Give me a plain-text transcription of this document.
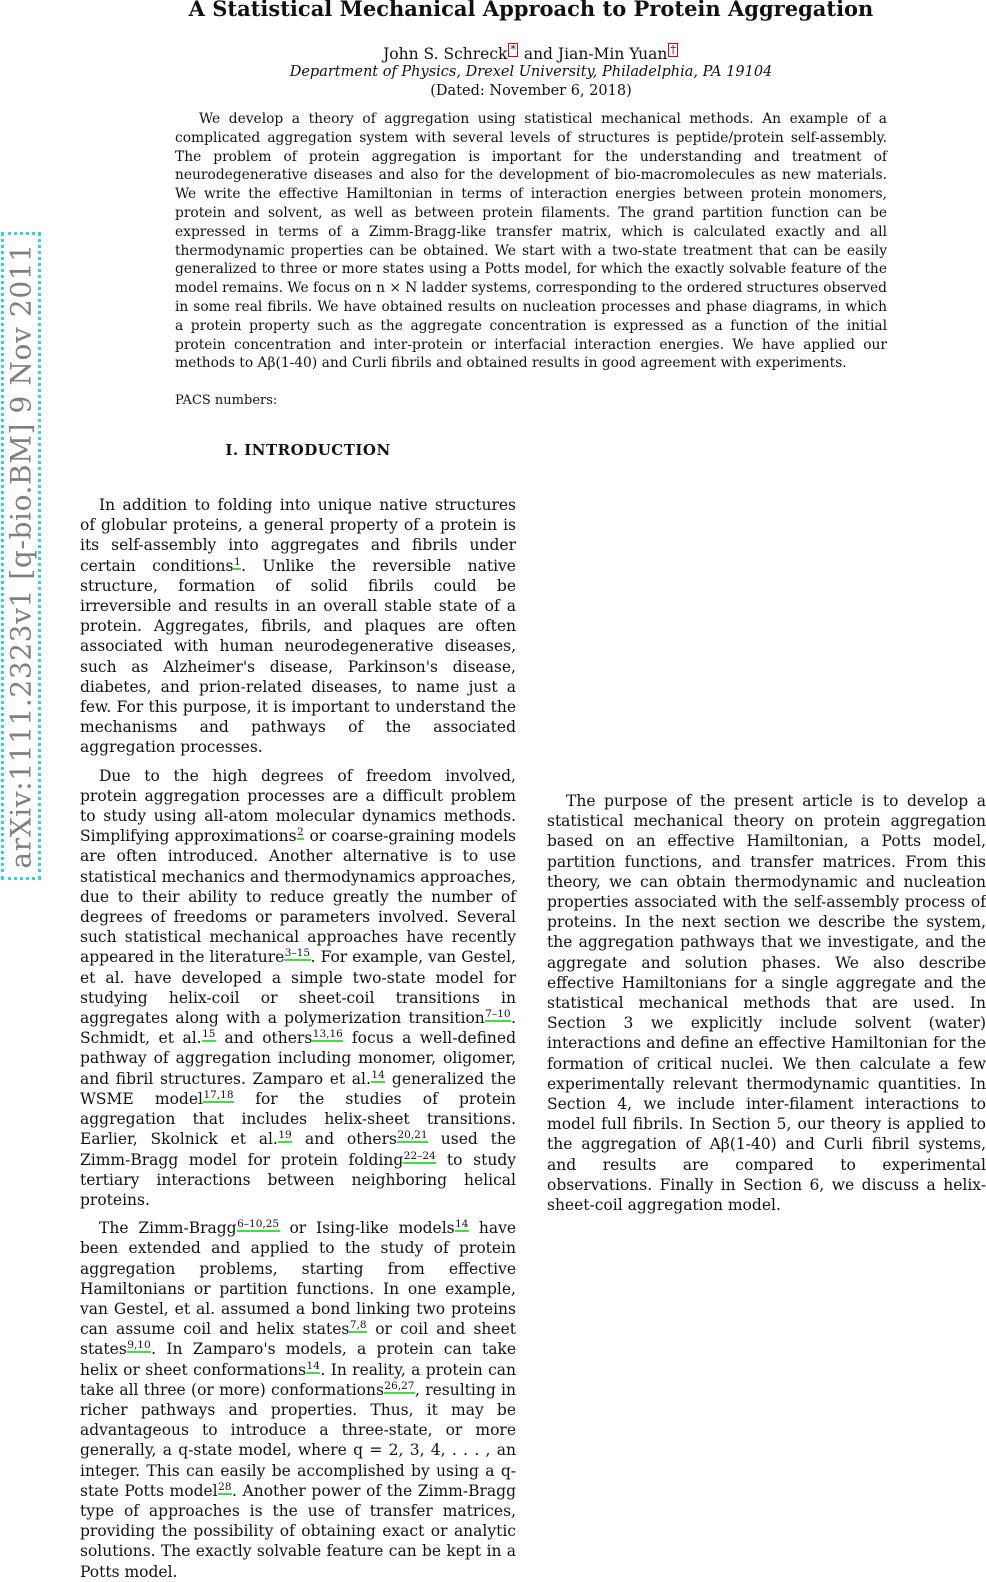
A Statistical Mechanical Approach to Protein Aggregation
John S. Schreck * and Jian-Min Yuan †
Department of Physics, Drexel University, Philadelphia, PA 19104
(Dated: November 6, 2018)
We develop a theory of aggregation using statistical mechanical methods. An example of a complicated aggregation system with several levels of structures is peptide/protein self-assembly. The problem of protein aggregation is important for the understanding and treatment of neurodegenerative diseases and also for the development of bio-macromolecules as new materials. We write the effective Hamiltonian in terms of interaction energies between protein monomers, protein and solvent, as well as between protein filaments. The grand partition function can be expressed in terms of a Zimm-Bragg-like transfer matrix, which is calculated exactly and all thermodynamic properties can be obtained. We start with a two-state treatment that can be easily generalized to three or more states using a Potts model, for which the exactly solvable feature of the model remains. We focus on n × N ladder systems, corresponding to the ordered structures observed in some real fibrils. We have obtained results on nucleation processes and phase diagrams, in which a protein property such as the aggregate concentration is expressed as a function of the initial protein concentration and inter-protein or interfacial interaction energies. We have applied our methods to Aβ(1-40) and Curli fibrils and obtained results in good agreement with experiments.
PACS numbers:
arXiv:1111.2323v1 [q-bio.BM] 9 Nov 2011	I. INTRODUCTION

In addition to folding into unique native structures of globular proteins, a general property of a protein is its self-assembly into aggregates and fibrils under certain conditions$^1$. Unlike the reversible native structure, formation of solid fibrils could be irreversible and results in an overall stable state of a protein. Aggregates, fibrils, and plaques are often associated with human neurodegenerative diseases, such as Alzheimer's disease, Parkinson's disease, diabetes, and prion-related diseases, to name just a few. For this purpose, it is important to understand the mechanisms and pathways of the associated aggregation processes.

Due to the high degrees of freedom involved, protein aggregation processes are a difficult problem to study using all-atom molecular dynamics methods. Simplifying approximations$^2$ or coarse-graining models are often introduced. Another alternative is to use statistical mechanics and thermodynamics approaches, due to their ability to reduce greatly the number of degrees of freedoms or parameters involved. Several such statistical mechanical approaches have recently appeared in the literature$^{3-15}$. For example, van Gestel, et al. have developed a simple two-state model for studying helix-coil or sheet-coil transitions in aggregates along with a polymerization transition$^{7-10}$. Schmidt, et al.$^{15}$ and others$^{13,16}$ focus a well-defined pathway of aggregation including monomer, oligomer, and fibril structures. Zamparo et al.$^{14}$ generalized the WSME model$^{17,18}$ for the studies of protein aggregation that includes helix-sheet transitions. Earlier, Skolnick et al.$^{19}$ and others$^{20,21}$ used the Zimm-Bragg model for protein folding$^{22-24}$ to study tertiary interactions between neighboring helical proteins.

The Zimm-Bragg$^{6-10,25}$ or Ising-like models$^{14}$ have been extended and applied to the study of protein aggregation problems, starting from effective Hamiltonians or partition functions. In one example, van Gestel, et al. assumed a bond linking two proteins can assume coil and helix states$^{7,8}$ or coil and sheet states$^{9,10}$. In Zamparo's models, a protein can take helix or sheet conformations$^{14}$. In reality, a protein can take all three (or more) conformations$^{26,27}$, resulting in richer pathways and properties. Thus, it may be advantageous to introduce a three-state, or more generally, a q-state model, where q = 2, 3, 4, . . . , an integer. This can easily be accomplished by using a q-state Potts model$^{28}$. Another power of the Zimm-Bragg type of approaches is the use of transfer matrices, providing the possibility of obtaining exact or analytic solutions. The exactly solvable feature can be kept in a Potts model.

The purpose of the present article is to develop a statistical mechanical theory on protein aggregation based on an effective Hamiltonian, a Potts model, partition functions, and transfer matrices. From this theory, we can obtain thermodynamic and nucleation properties associated with the self-assembly process of proteins. In the next section we describe the system, the aggregation pathways that we investigate, and the aggregate and solution phases. We also describe effective Hamiltonians for a single aggregate and the statistical mechanical methods that are used. In Section 3 we explicitly include solvent (water) interactions and define an effective Hamiltonian for the formation of critical nuclei. We then calculate a few experimentally relevant thermodynamic quantities. In Section 4, we include inter-filament interactions to model full fibrils. In Section 5, our theory is applied to the aggregation of Aβ(1-40) and Curli fibril systems, and results are compared to experimental observations. Finally in Section 6, we discuss a helix-sheet-coil aggregation model.
